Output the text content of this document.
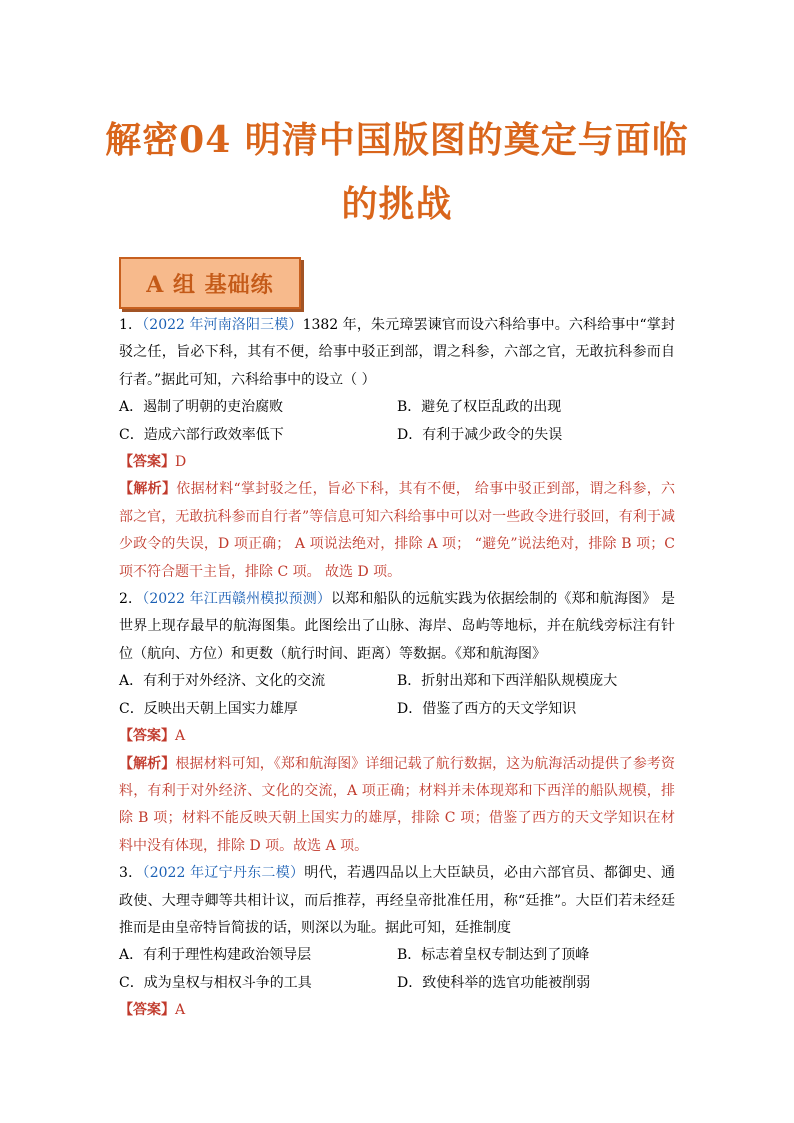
解密04 明清中国版图的奠定与面临
的挑战
A 组 基础练

1．（2022 年河南洛阳三模）1382 年，朱元璋罢谏官而设六科给事中。六科给事中“掌封驳之任，旨必下科，其有不便，给事中驳正到部，谓之科参，六部之官，无敢抗科参而自行者。”据此可知，六科给事中的设立（ ）

A．遏制了明朝的吏治腐败	B．避免了权臣乱政的出现
C．造成六部行政效率低下	D．有利于减少政令的失误

【答案】D

【解析】依据材料“掌封驳之任，旨必下科，其有不便， 给事中驳正到部，谓之科参，六部之官，无敢抗科参而自行者”等信息可知六科给事中可以对一些政令进行驳回，有利于减少政令的失误，D 项正确； A 项说法绝对，排除 A 项； “避免”说法绝对，排除 B 项；C 项不符合题干主旨，排除 C 项。 故选 D 项。

2．（2022 年江西赣州模拟预测）以郑和船队的远航实践为依据绘制的《郑和航海图》 是世界上现存最早的航海图集。此图绘出了山脉、海岸、岛屿等地标，并在航线旁标注有针位（航向、方位）和更数（航行时间、距离）等数据。《郑和航海图》

A．有利于对外经济、文化的交流	B．折射出郑和下西洋船队规模庞大
C．反映出天朝上国实力雄厚	D．借鉴了西方的天文学知识

【答案】A

【解析】根据材料可知，《郑和航海图》详细记载了航行数据，这为航海活动提供了参考资料，有利于对外经济、文化的交流，A 项正确；材料并未体现郑和下西洋的船队规模，排除 B 项；材料不能反映天朝上国实力的雄厚，排除 C 项；借鉴了西方的天文学知识在材料中没有体现，排除 D 项。故选 A 项。

3．（2022 年辽宁丹东二模）明代，若遇四品以上大臣缺员，必由六部官员、都御史、通政使、大理寺卿等共相计议，而后推荐，再经皇帝批准任用，称“廷推”。大臣们若未经廷推而是由皇帝特旨简拔的话，则深以为耻。据此可知，廷推制度

A．有利于理性构建政治领导层	B．标志着皇权专制达到了顶峰
C．成为皇权与相权斗争的工具	D．致使科举的选官功能被削弱

【答案】A
